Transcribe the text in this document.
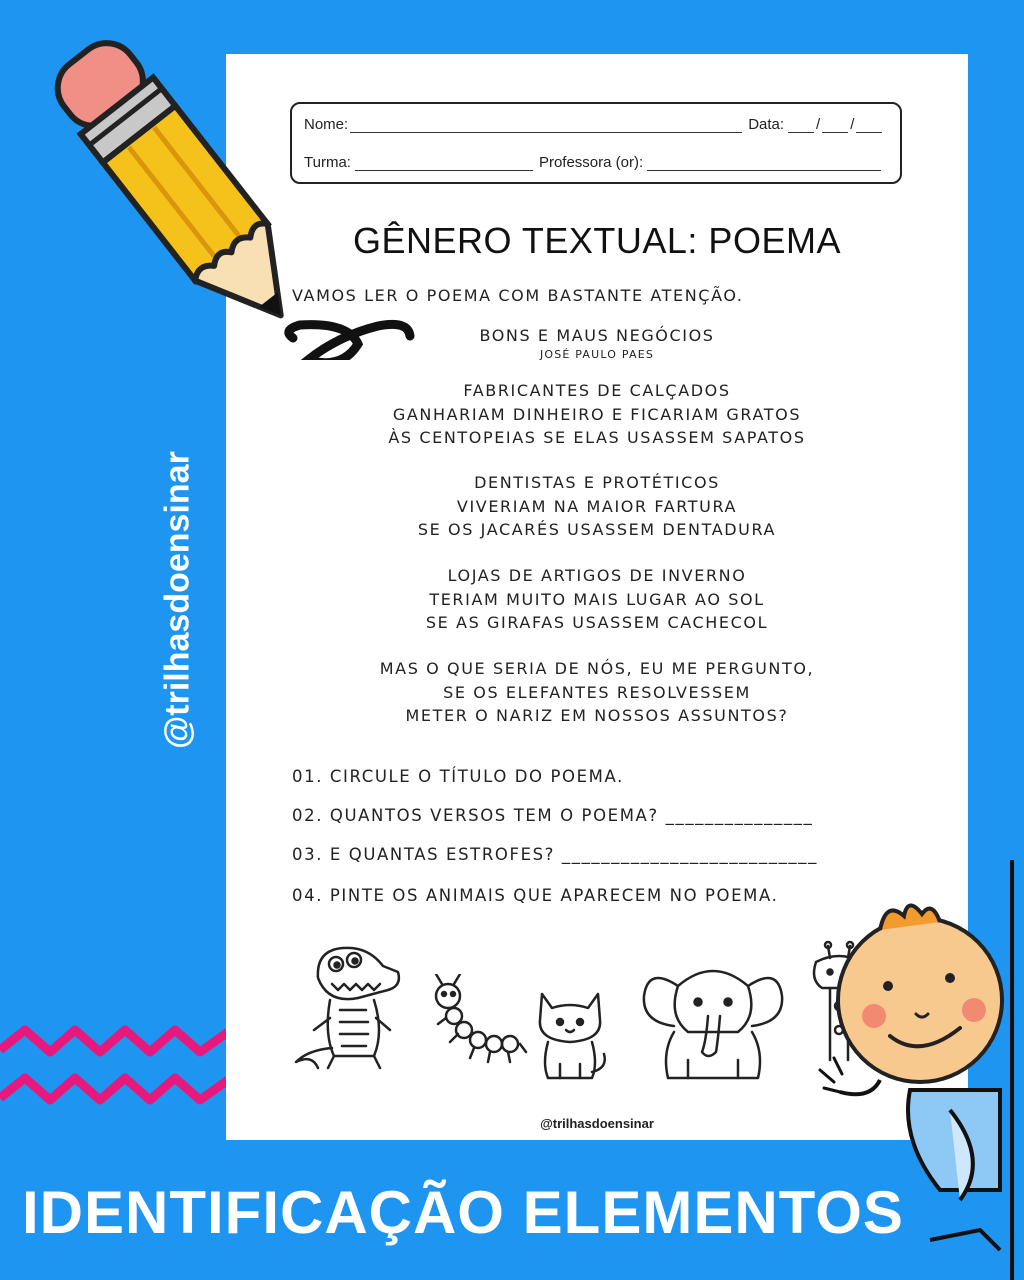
Nome:	Data: /
/
Turma:	Professora (or):
GÊNERO TEXTUAL: POEMA
VAMOS LER O POEMA COM BASTANTE ATENÇÃO.
BONS E MAUS NEGÓCIOS
JOSÉ PAULO PAES
FABRICANTES DE CALÇADOS
GANHARIAM DINHEIRO E FICARIAM GRATOS
ÀS CENTOPEIAS SE ELAS USASSEM SAPATOS
DENTISTAS E PROTÉTICOS
VIVERIAM NA MAIOR FARTURA
SE OS JACARÉS USASSEM DENTADURA
LOJAS DE ARTIGOS DE INVERNO
TERIAM MUITO MAIS LUGAR AO SOL
SE AS GIRAFAS USASSEM CACHECOL
MAS O QUE SERIA DE NÓS, EU ME PERGUNTO,
SE OS ELEFANTES RESOLVESSEM
METER O NARIZ EM NOSSOS ASSUNTOS?
01. CIRCULE O TÍTULO DO POEMA.
02. QUANTOS VERSOS TEM O POEMA? _______________
03. E QUANTAS ESTROFES? __________________________
04. PINTE OS ANIMAIS QUE APARECEM NO POEMA.
@trilhasdoensinar
@trilhasdoensinar
IDENTIFICAÇÃO ELEMENTOS
